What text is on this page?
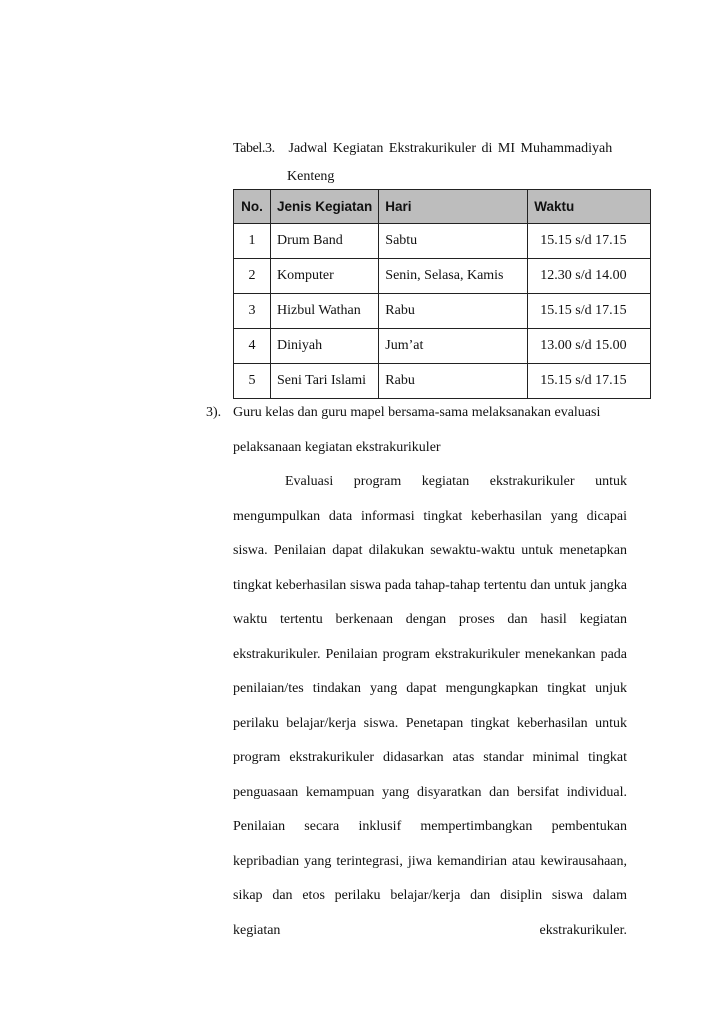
Tabel.3. Jadwal Kegiatan Ekstrakurikuler di MI Muhammadiyah
Kenteng
No.	Jenis Kegiatan	Hari	Waktu
1	Drum Band	Sabtu	15.15 s/d 17.15
2	Komputer	Senin, Selasa, Kamis	12.30 s/d 14.00
3	Hizbul Wathan	Rabu	15.15 s/d 17.15
4	Diniyah	Jum’at	13.00 s/d 15.00
5	Seni Tari Islami	Rabu	15.15 s/d 17.15
3). Guru kelas dan guru mapel bersama-sama melaksanakan evaluasi pelaksanaan kegiatan ekstrakurikuler
Evaluasi program kegiatan ekstrakurikuler untuk mengumpulkan data informasi tingkat keberhasilan yang dicapai siswa. Penilaian dapat dilakukan sewaktu-waktu untuk menetapkan tingkat keberhasilan siswa pada tahap-tahap tertentu dan untuk jangka waktu tertentu berkenaan dengan proses dan hasil kegiatan ekstrakurikuler. Penilaian program ekstrakurikuler menekankan pada penilaian/tes tindakan yang dapat mengungkapkan tingkat unjuk perilaku belajar/kerja siswa. Penetapan tingkat keberhasilan untuk program ekstrakurikuler didasarkan atas standar minimal tingkat penguasaan kemampuan yang disyaratkan dan bersifat individual. Penilaian secara inklusif mempertimbangkan pembentukan kepribadian yang terintegrasi, jiwa kemandirian atau kewirausahaan, sikap dan etos perilaku belajar/kerja dan disiplin siswa dalam kegiatan ekstrakurikuler.
